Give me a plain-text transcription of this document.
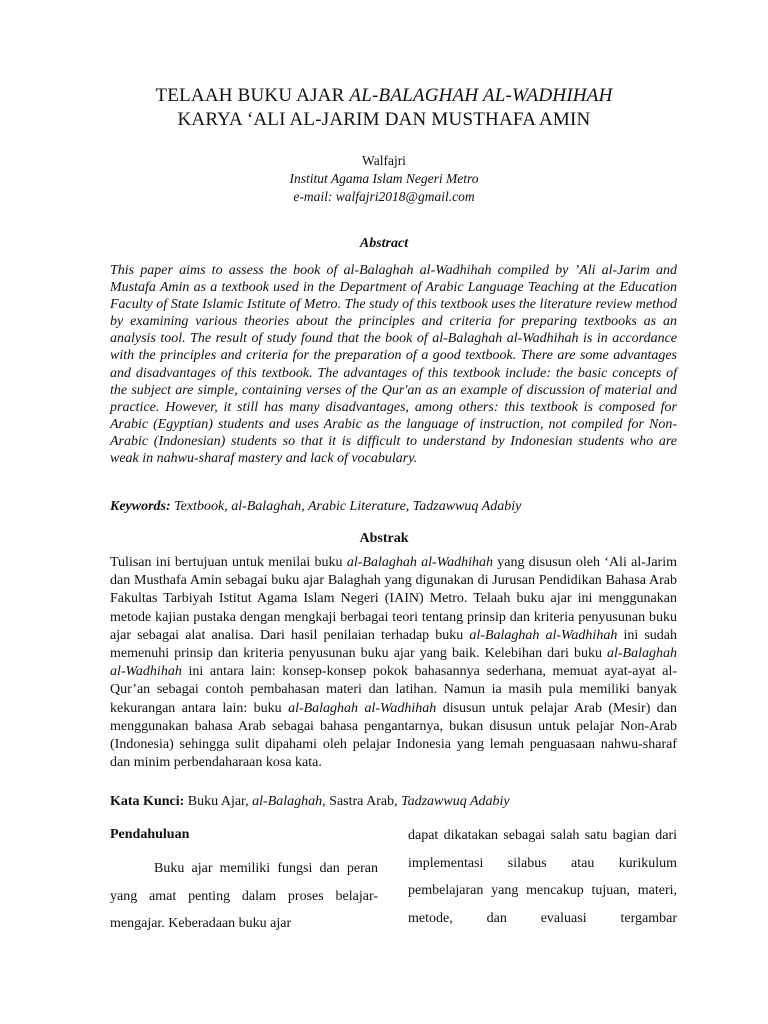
TELAAH BUKU AJAR AL-BALAGHAH AL-WADHIHAH
KARYA ‘ALI AL-JARIM DAN MUSTHAFA AMIN
Walfajri
Institut Agama Islam Negeri Metro
e-mail: walfajri2018@gmail.com
Abstract
This paper aims to assess the book of al-Balaghah al-Wadhihah compiled by ’Ali al-Jarim and Mustafa Amin as a textbook used in the Department of Arabic Language Teaching at the Education Faculty of State Islamic Istitute of Metro. The study of this textbook uses the literature review method by examining various theories about the principles and criteria for preparing textbooks as an analysis tool. The result of study found that the book of al-Balaghah al-Wadhihah is in accordance with the principles and criteria for the preparation of a good textbook. There are some advantages and disadvantages of this textbook. The advantages of this textbook include: the basic concepts of the subject are simple, containing verses of the Qur'an as an example of discussion of material and practice. However, it still has many disadvantages, among others: this textbook is composed for Arabic (Egyptian) students and uses Arabic as the language of instruction, not compiled for Non-Arabic (Indonesian) students so that it is difficult to understand by Indonesian students who are weak in nahwu-sharaf mastery and lack of vocabulary.
Keywords: Textbook, al-Balaghah, Arabic Literature, Tadzawwuq Adabiy
Abstrak
Tulisan ini bertujuan untuk menilai buku al-Balaghah al-Wadhihah yang disusun oleh ‘Ali al-Jarim dan Musthafa Amin sebagai buku ajar Balaghah yang digunakan di Jurusan Pendidikan Bahasa Arab Fakultas Tarbiyah Istitut Agama Islam Negeri (IAIN) Metro. Telaah buku ajar ini menggunakan metode kajian pustaka dengan mengkaji berbagai teori tentang prinsip dan kriteria penyusunan buku ajar sebagai alat analisa. Dari hasil penilaian terhadap buku al-Balaghah al-Wadhihah ini sudah memenuhi prinsip dan kriteria penyusunan buku ajar yang baik. Kelebihan dari buku al-Balaghah al-Wadhihah ini antara lain: konsep-konsep pokok bahasannya sederhana, memuat ayat-ayat al-Qur’an sebagai contoh pembahasan materi dan latihan. Namun ia masih pula memiliki banyak kekurangan antara lain: buku al-Balaghah al-Wadhihah disusun untuk pelajar Arab (Mesir) dan menggunakan bahasa Arab sebagai bahasa pengantarnya, bukan disusun untuk pelajar Non-Arab (Indonesia) sehingga sulit dipahami oleh pelajar Indonesia yang lemah penguasaan nahwu-sharaf dan minim perbendaharaan kosa kata.
Kata Kunci: Buku Ajar, al-Balaghah, Sastra Arab, Tadzawwuq Adabiy
Pendahuluan
Buku ajar memiliki fungsi dan peran yang amat penting dalam proses belajar-mengajar. Keberadaan buku ajar
dapat dikatakan sebagai salah satu bagian dari implementasi silabus atau kurikulum pembelajaran yang mencakup tujuan, materi, metode, dan evaluasi tergambar
